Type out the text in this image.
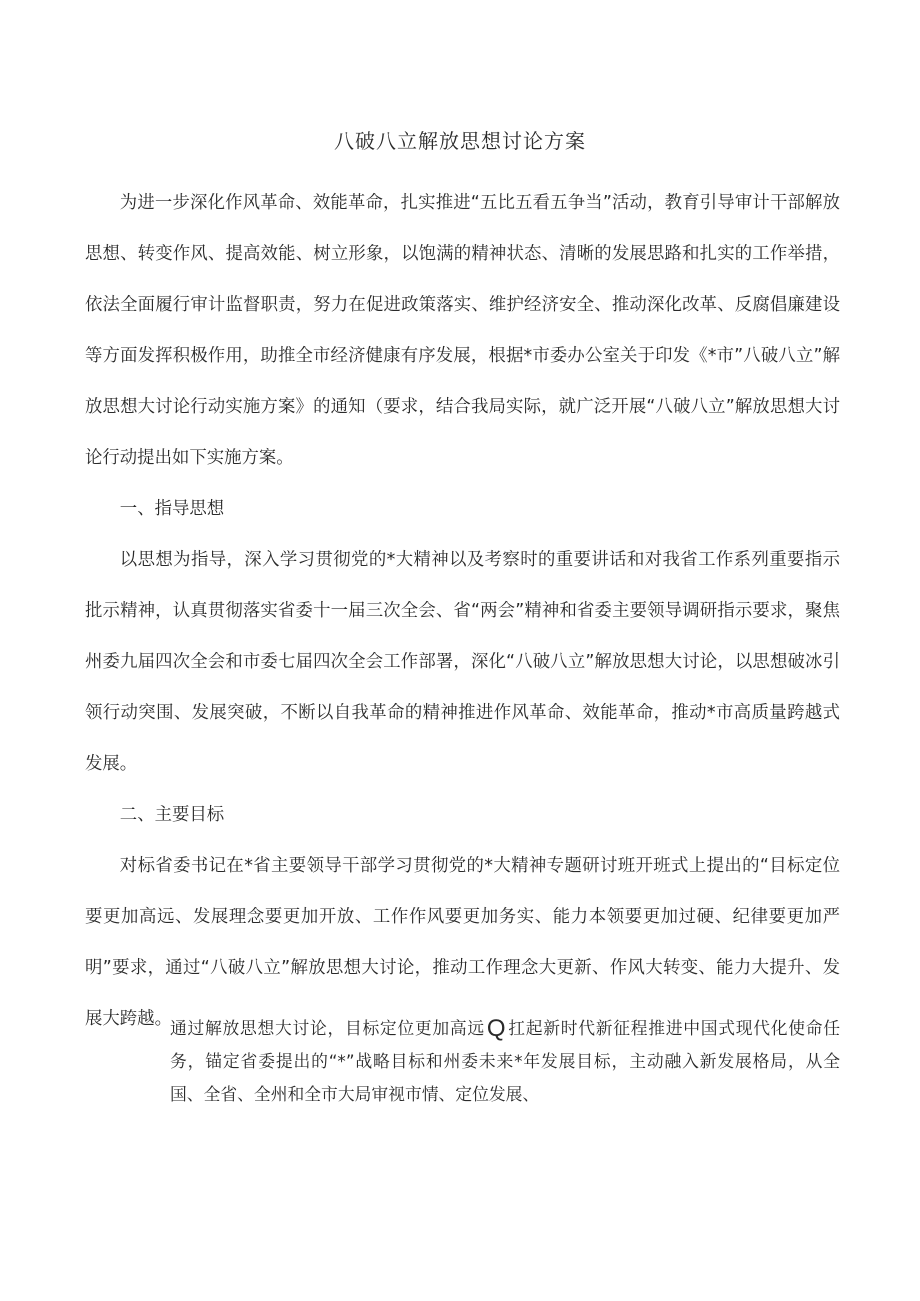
八破八立解放思想讨论方案

为进一步深化作风革命、效能革命，扎实推进“五比五看五争当”活动，教育引导审计干部解放思想、转变作风、提高效能、树立形象，以饱满的精神状态、清晰的发展思路和扎实的工作举措，依法全面履行审计监督职责，努力在促进政策落实、维护经济安全、推动深化改革、反腐倡廉建设等方面发挥积极作用，助推全市经济健康有序发展，根据*市委办公室关于印发《*市”八破八立”解放思想大讨论行动实施方案》的通知（要求，结合我局实际，就广泛开展“八破八立”解放思想大讨论行动提出如下实施方案。

一、指导思想

以思想为指导，深入学习贯彻党的*大精神以及考察时的重要讲话和对我省工作系列重要指示批示精神，认真贯彻落实省委十一届三次全会、省“两会”精神和省委主要领导调研指示要求，聚焦州委九届四次全会和市委七届四次全会工作部署，深化“八破八立”解放思想大讨论，以思想破冰引领行动突围、发展突破，不断以自我革命的精神推进作风革命、效能革命，推动*市高质量跨越式发展。

二、主要目标

对标省委书记在*省主要领导干部学习贯彻党的*大精神专题研讨班开班式上提出的“目标定位要更加高远、发展理念要更加开放、工作作风要更加务实、能力本领要更加过硬、纪律要更加严明”要求，通过“八破八立”解放思想大讨论，推动工作理念大更新、作风大转变、能力大提升、发展大跨越。

通过解放思想大讨论，目标定位更加高远Q 扛起新时代新征程推进中国式现代化使命任务，锚定省委提出的“*”战略目标和州委未来*年发展目标，主动融入新发展格局，从全国、全省、全州和全市大局审视市情、定位发展、
